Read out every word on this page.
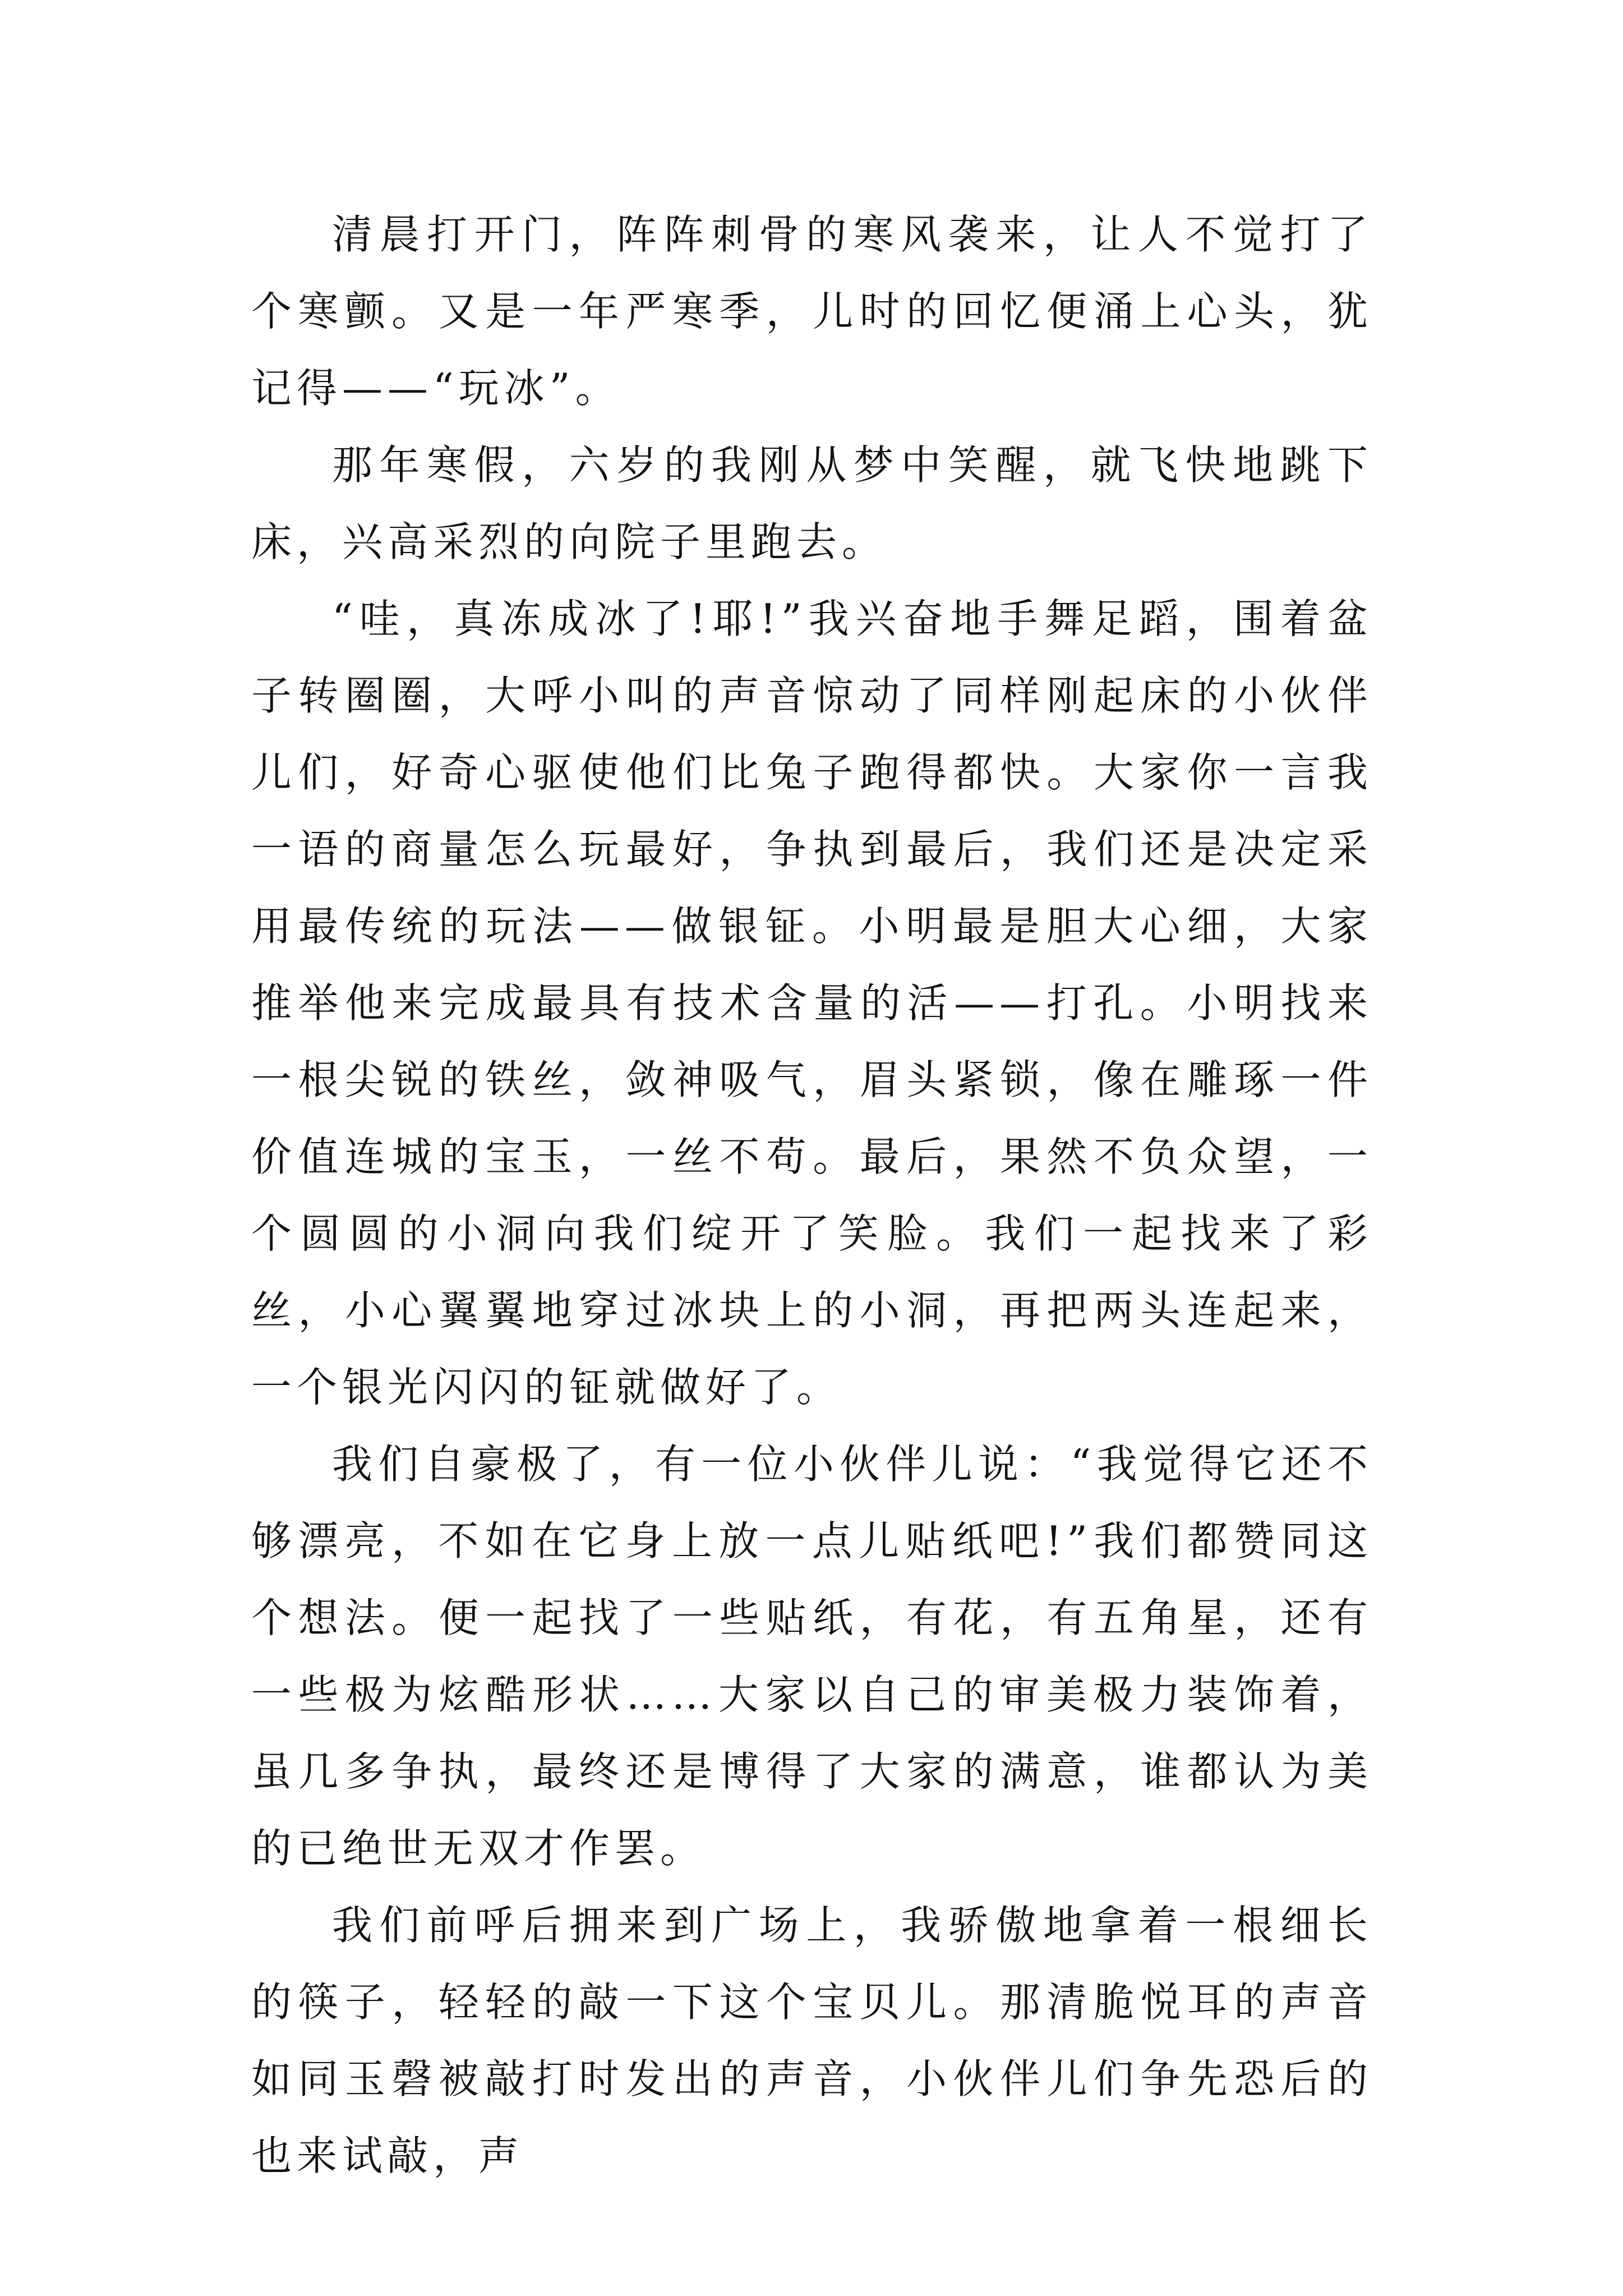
清晨打开门，阵阵刺骨的寒风袭来，让人不觉打了个寒颤。又是一年严寒季，儿时的回忆便涌上心头，犹记得——“玩冰”。

那年寒假，六岁的我刚从梦中笑醒，就飞快地跳下床，兴高采烈的向院子里跑去。

“哇，真冻成冰了!耶!”我兴奋地手舞足蹈，围着盆子转圈圈，大呼小叫的声音惊动了同样刚起床的小伙伴儿们，好奇心驱使他们比兔子跑得都快。大家你一言我一语的商量怎么玩最好，争执到最后，我们还是决定采用最传统的玩法——做银钲。小明最是胆大心细，大家推举他来完成最具有技术含量的活——打孔。小明找来一根尖锐的铁丝，敛神吸气，眉头紧锁，像在雕琢一件价值连城的宝玉，一丝不苟。最后，果然不负众望，一个圆圆的小洞向我们绽开了笑脸。我们一起找来了彩丝，小心翼翼地穿过冰块上的小洞，再把两头连起来，一个银光闪闪的钲就做好了。

我们自豪极了，有一位小伙伴儿说：“我觉得它还不够漂亮，不如在它身上放一点儿贴纸吧!”我们都赞同这个想法。便一起找了一些贴纸，有花，有五角星，还有一些极为炫酷形状……大家以自己的审美极力装饰着，虽几多争执，最终还是博得了大家的满意，谁都认为美的已绝世无双才作罢。

我们前呼后拥来到广场上，我骄傲地拿着一根细长的筷子，轻轻的敲一下这个宝贝儿。那清脆悦耳的声音如同玉磬被敲打时发出的声音，小伙伴儿们争先恐后的也来试敲，声
